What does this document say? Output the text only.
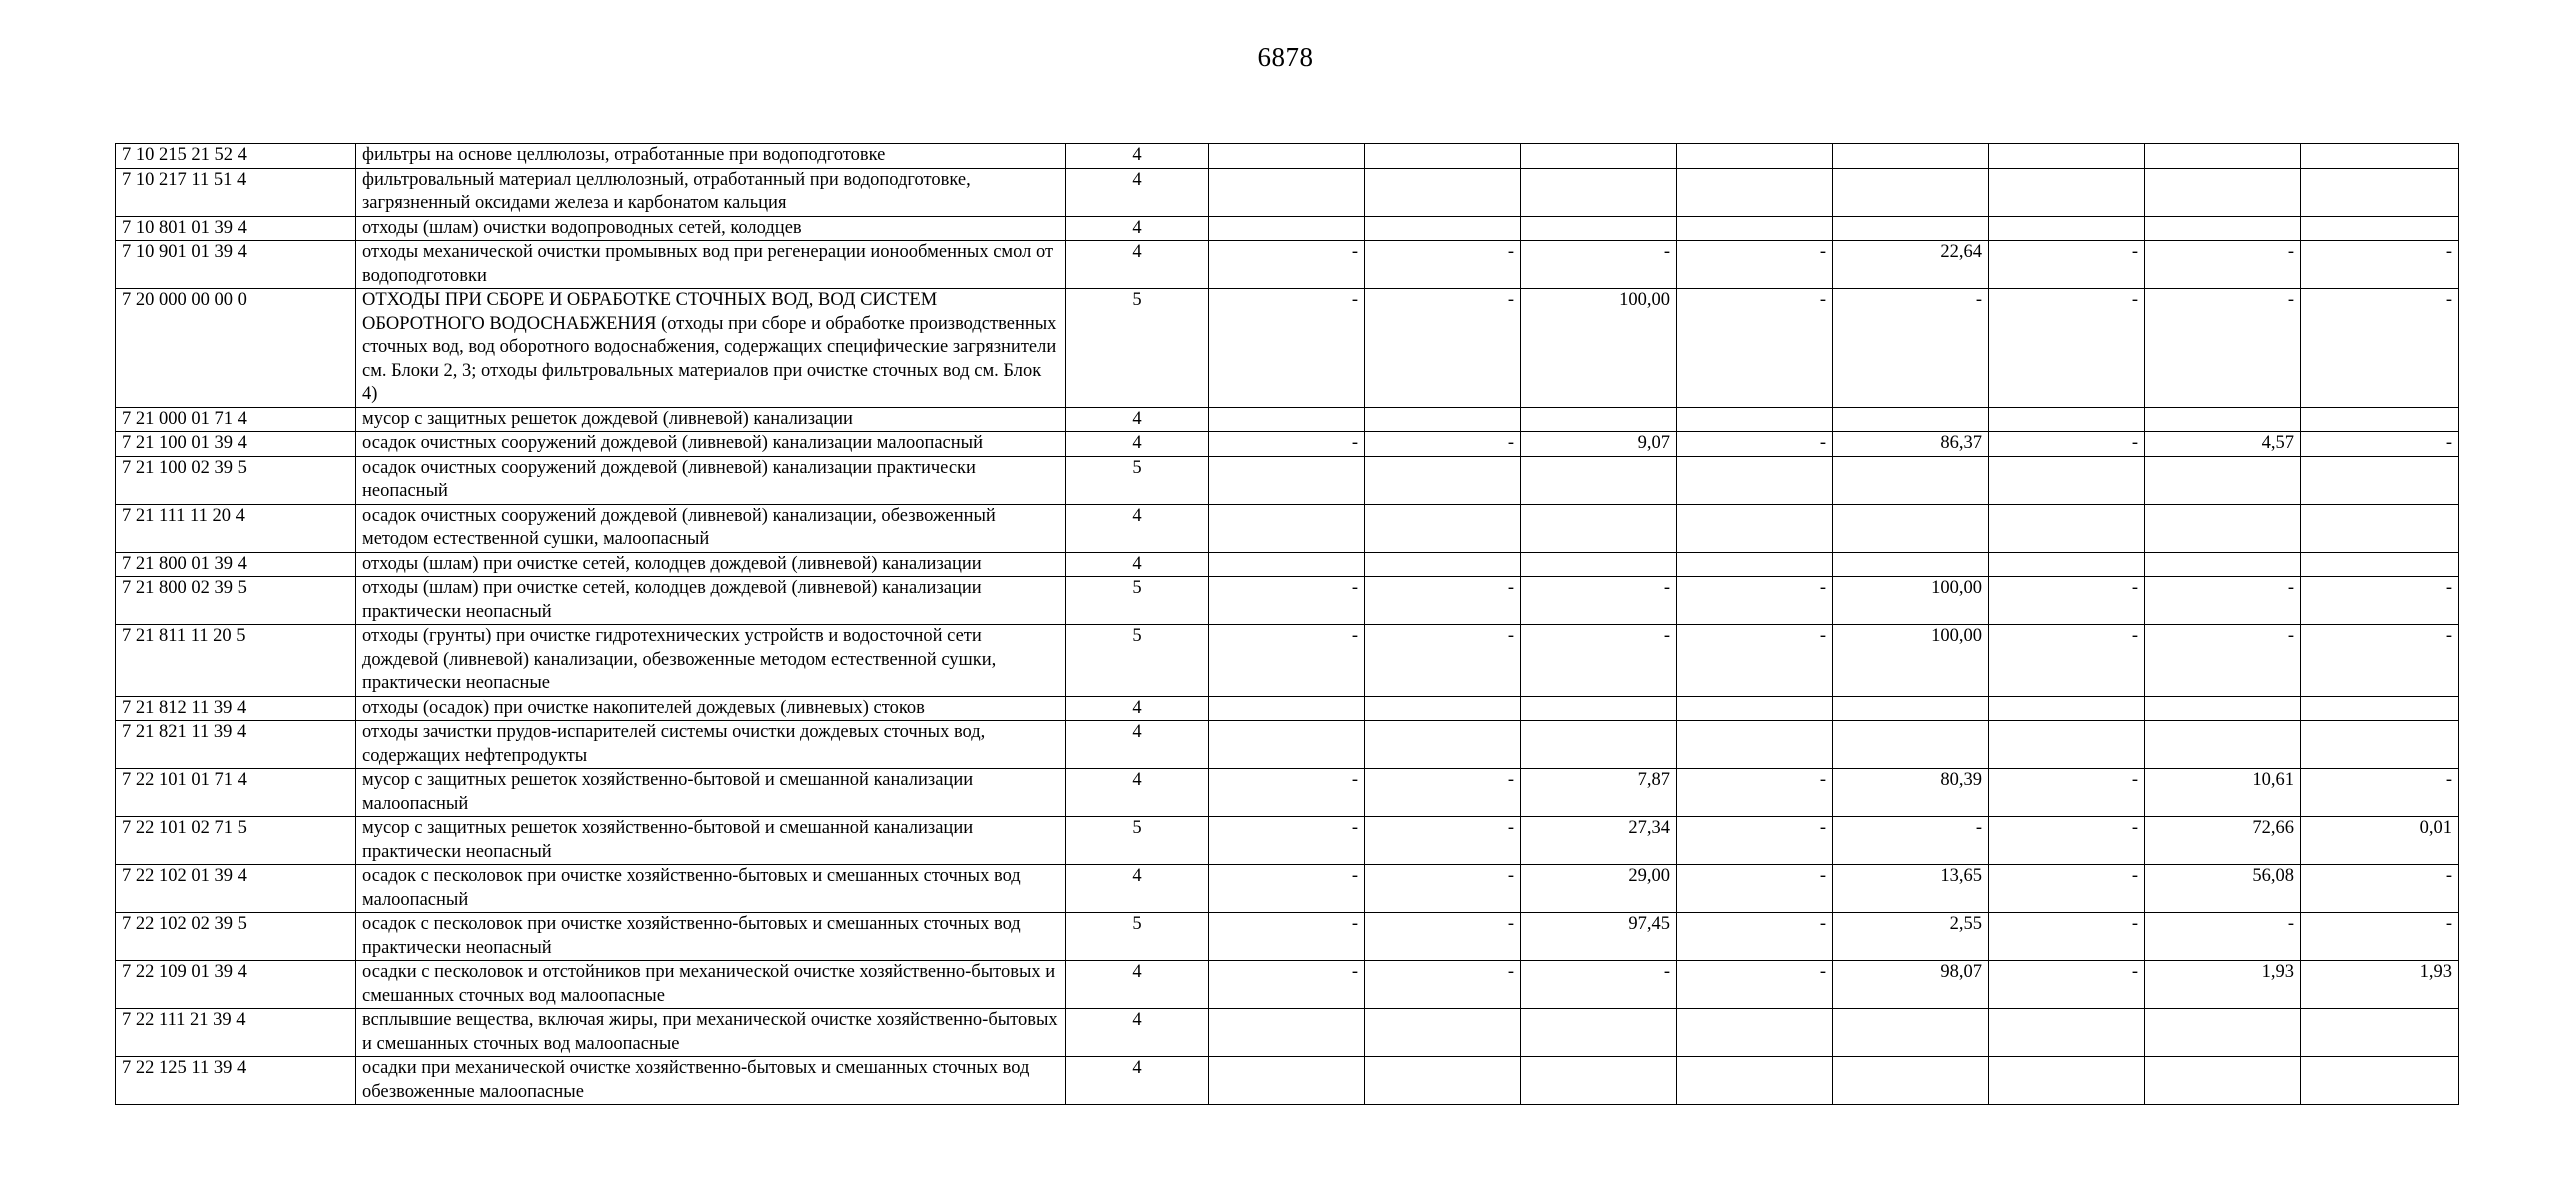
6878
7 10 215 21 52 4	фильтры на основе целлюлозы, отработанные при водоподготовке	4								
7 10 217 11 51 4	фильтровальный материал целлюлозный, отработанный при водоподготовке, загрязненный оксидами железа и карбонатом кальция	4								
7 10 801 01 39 4	отходы (шлам) очистки водопроводных сетей, колодцев	4								
7 10 901 01 39 4	отходы механической очистки промывных вод при регенерации ионообменных смол от водоподготовки	4	-	-	-	-	22,64	-	-	-
7 20 000 00 00 0	ОТХОДЫ ПРИ СБОРЕ И ОБРАБОТКЕ СТОЧНЫХ ВОД, ВОД СИСТЕМ ОБОРОТНОГО ВОДОСНАБЖЕНИЯ (отходы при сборе и обработке производственных сточных вод, вод оборотного водоснабжения, содержащих специфические загрязнители см. Блоки 2, 3; отходы фильтровальных материалов при очистке сточных вод см. Блок 4)	5	-	-	100,00	-	-	-	-	-
7 21 000 01 71 4	мусор с защитных решеток дождевой (ливневой) канализации	4								
7 21 100 01 39 4	осадок очистных сооружений дождевой (ливневой) канализации малоопасный	4	-	-	9,07	-	86,37	-	4,57	-
7 21 100 02 39 5	осадок очистных сооружений дождевой (ливневой) канализации практически неопасный	5								
7 21 111 11 20 4	осадок очистных сооружений дождевой (ливневой) канализации, обезвоженный методом естественной сушки, малоопасный	4								
7 21 800 01 39 4	отходы (шлам) при очистке сетей, колодцев дождевой (ливневой) канализации	4								
7 21 800 02 39 5	отходы (шлам) при очистке сетей, колодцев дождевой (ливневой) канализации практически неопасный	5	-	-	-	-	100,00	-	-	-
7 21 811 11 20 5	отходы (грунты) при очистке гидротехнических устройств и водосточной сети дождевой (ливневой) канализации, обезвоженные методом естественной сушки, практически неопасные	5	-	-	-	-	100,00	-	-	-
7 21 812 11 39 4	отходы (осадок) при очистке накопителей дождевых (ливневых) стоков	4								
7 21 821 11 39 4	отходы зачистки прудов-испарителей системы очистки дождевых сточных вод, содержащих нефтепродукты	4								
7 22 101 01 71 4	мусор с защитных решеток хозяйственно-бытовой и смешанной канализации малоопасный	4	-	-	7,87	-	80,39	-	10,61	-
7 22 101 02 71 5	мусор с защитных решеток хозяйственно-бытовой и смешанной канализации практически неопасный	5	-	-	27,34	-	-	-	72,66	0,01
7 22 102 01 39 4	осадок с песколовок при очистке хозяйственно-бытовых и смешанных сточных вод малоопасный	4	-	-	29,00	-	13,65	-	56,08	-
7 22 102 02 39 5	осадок с песколовок при очистке хозяйственно-бытовых и смешанных сточных вод практически неопасный	5	-	-	97,45	-	2,55	-	-	-
7 22 109 01 39 4	осадки с песколовок и отстойников при механической очистке хозяйственно-бытовых и смешанных сточных вод малоопасные	4	-	-	-	-	98,07	-	1,93	1,93
7 22 111 21 39 4	всплывшие вещества, включая жиры, при механической очистке хозяйственно-бытовых и смешанных сточных вод малоопасные	4								
7 22 125 11 39 4	осадки при механической очистке хозяйственно-бытовых и смешанных сточных вод обезвоженные малоопасные	4								
